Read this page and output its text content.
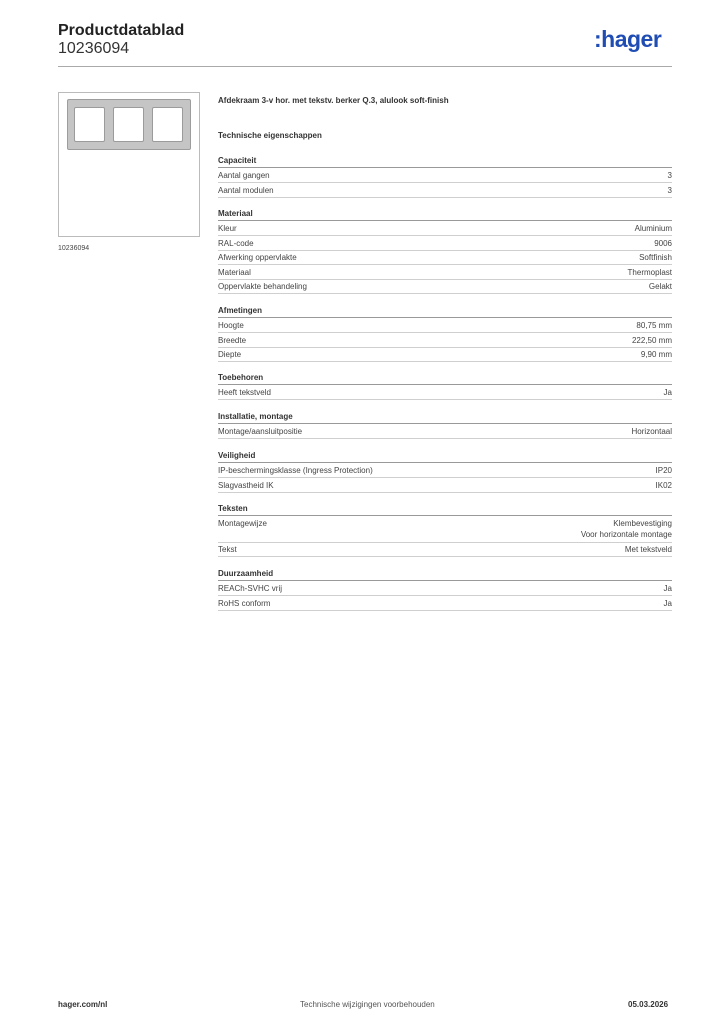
Productdatablad
10236094	:hager
10236094
Afdekraam 3-v hor. met tekstv. berker Q.3, alulook soft-finish
Technische eigenschappen
Capaciteit
Aantal gangen	3
Aantal modulen	3
Materiaal
Kleur	Aluminium
RAL-code	9006
Afwerking oppervlakte	Softfinish
Materiaal	Thermoplast
Oppervlakte behandeling	Gelakt
Afmetingen
Hoogte	80,75 mm
Breedte	222,50 mm
Diepte	9,90 mm
Toebehoren
Heeft tekstveld	Ja
Installatie, montage
Montage/aansluitpositie	Horizontaal
Veiligheid
IP-beschermingsklasse (Ingress Protection)	IP20
Slagvastheid IK	IK02
Teksten
Montagewijze	Klembevestiging
Voor horizontale montage
Tekst	Met tekstveld
Duurzaamheid
REACh-SVHC vrij	Ja
RoHS conform	Ja
hager.com/nl	Technische wijzigingen voorbehouden	05.03.2026
